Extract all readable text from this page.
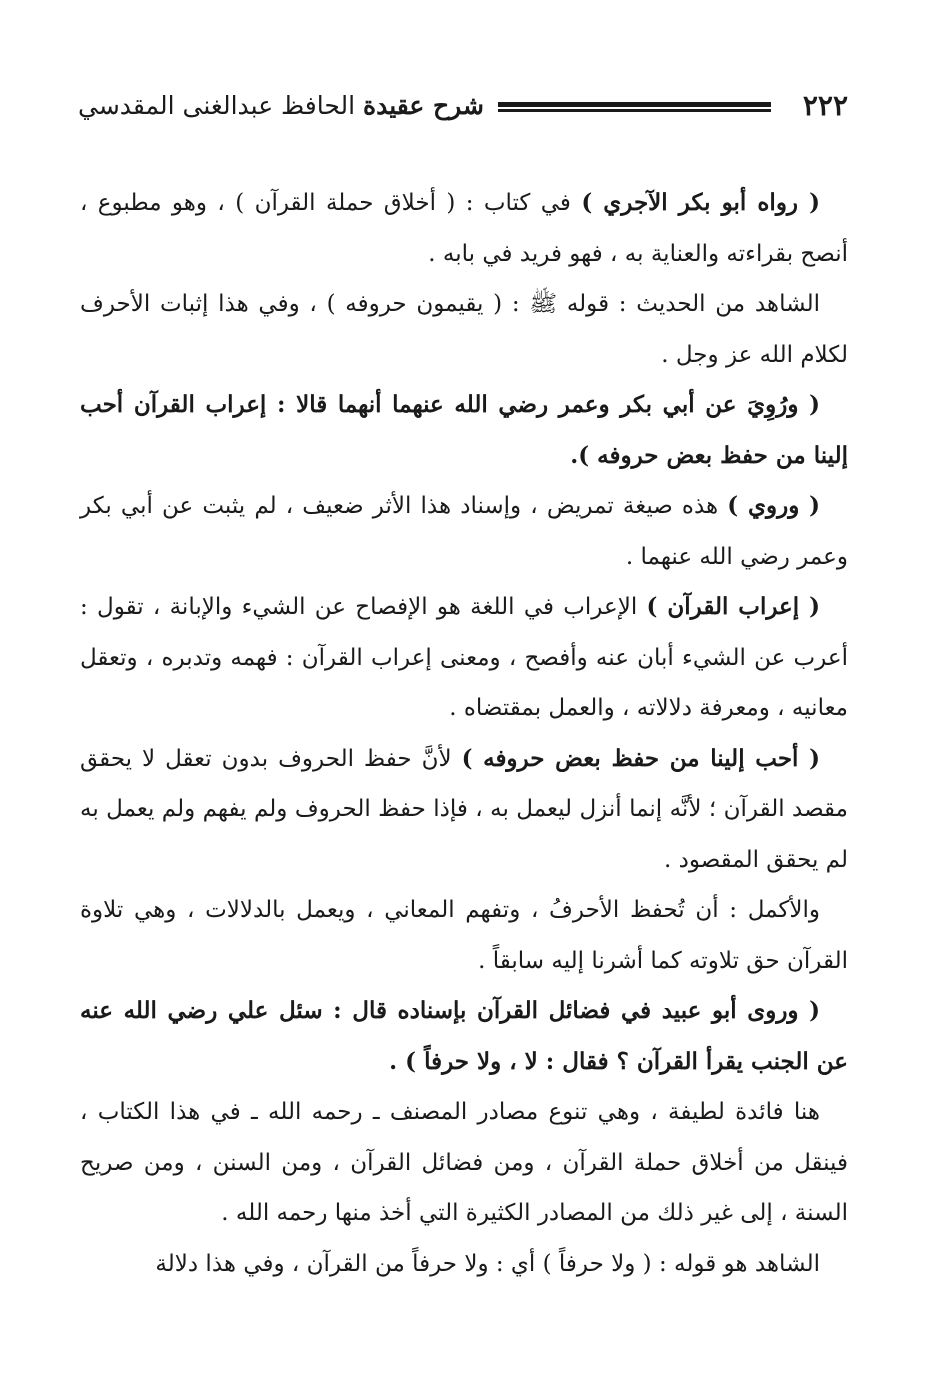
٢٢٢
شرح عقيدة الحافظ عبدالغنى المقدسي

( رواه أبو بكر الآجري ) في كتاب : ( أخلاق حملة القرآن ) ، وهو مطبوع ، أنصح بقراءته والعناية به ، فهو فريد في بابه .

الشاهد من الحديث : قوله ﷺ : ( يقيمون حروفه ) ، وفي هذا إثبات الأحرف لكلام الله عز وجل .

( ورُوِيَ عن أبي بكر وعمر رضي الله عنهما أنهما قالا : إعراب القرآن أحب إلينا من حفظ بعض حروفه ).

( وروي ) هذه صيغة تمريض ، وإسناد هذا الأثر ضعيف ، لم يثبت عن أبي بكر وعمر رضي الله عنهما .

( إعراب القرآن ) الإعراب في اللغة هو الإفصاح عن الشيء والإبانة ، تقول : أعرب عن الشيء أبان عنه وأفصح ، ومعنى إعراب القرآن : فهمه وتدبره ، وتعقل معانيه ، ومعرفة دلالاته ، والعمل بمقتضاه .

( أحب إلينا من حفظ بعض حروفه ) لأنَّ حفظ الحروف بدون تعقل لا يحقق مقصد القرآن ؛ لأنَّه إنما أنزل ليعمل به ، فإذا حفظ الحروف ولم يفهم ولم يعمل به لم يحقق المقصود .

والأكمل : أن تُحفظ الأحرفُ ، وتفهم المعاني ، ويعمل بالدلالات ، وهي تلاوة القرآن حق تلاوته كما أشرنا إليه سابقاً .

( وروى أبو عبيد في فضائل القرآن بإسناده قال : سئل علي رضي الله عنه عن الجنب يقرأ القرآن ؟ فقال : لا ، ولا حرفاً ) .

هنا فائدة لطيفة ، وهي تنوع مصادر المصنف ـ رحمه الله ـ في هذا الكتاب ، فينقل من أخلاق حملة القرآن ، ومن فضائل القرآن ، ومن السنن ، ومن صريح السنة ، إلى غير ذلك من المصادر الكثيرة التي أخذ منها رحمه الله .

الشاهد هو قوله : ( ولا حرفاً ) أي : ولا حرفاً من القرآن ، وفي هذا دلالة
